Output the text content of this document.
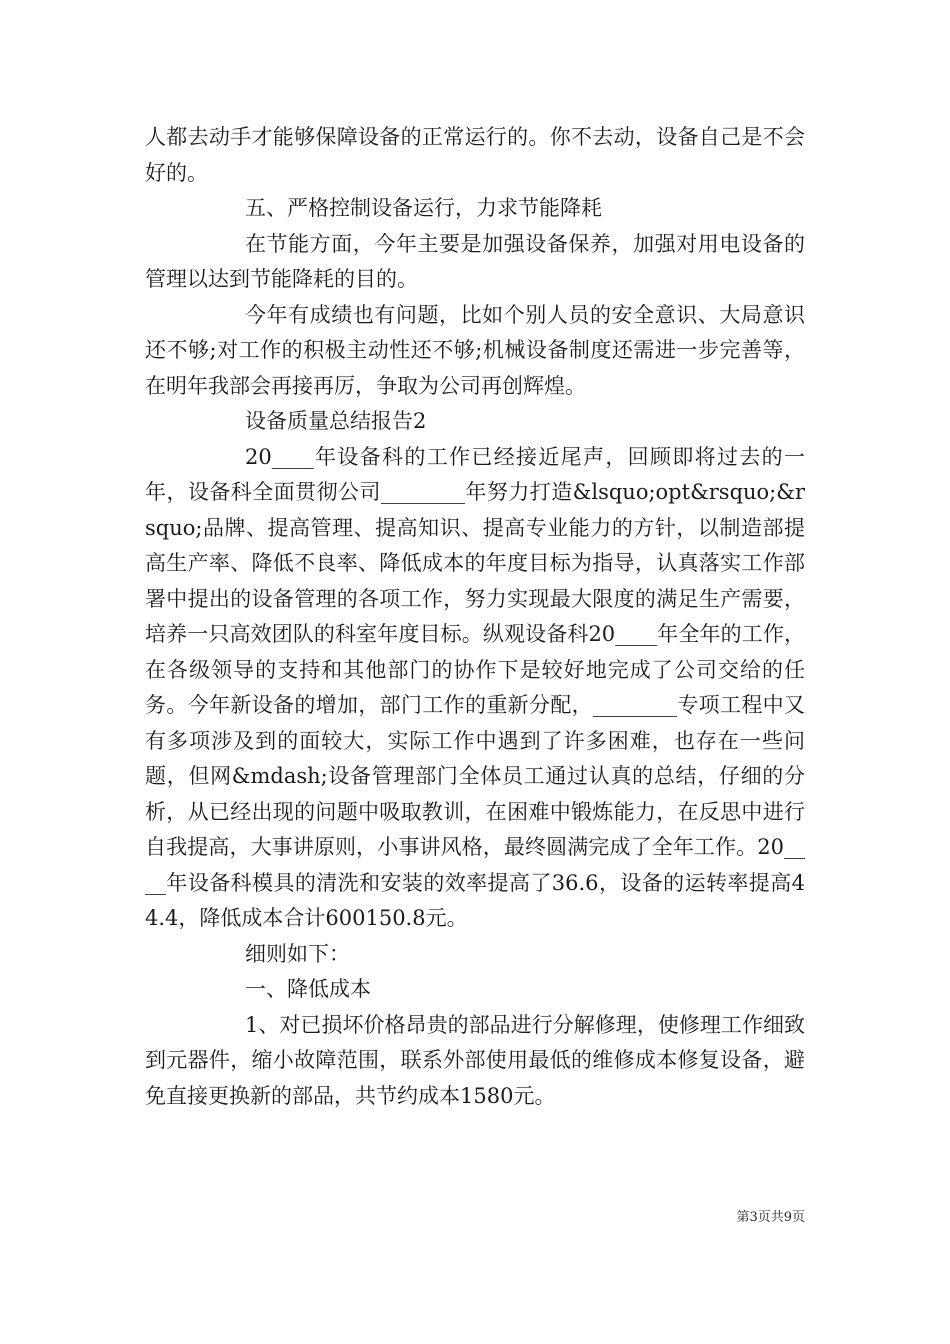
人都去动手才能够保障设备的正常运行的。你不去动，设备自己是不会好的。

五、严格控制设备运行，力求节能降耗

在节能方面，今年主要是加强设备保养，加强对用电设备的管理以达到节能降耗的目的。

今年有成绩也有问题，比如个别人员的安全意识、大局意识还不够;对工作的积极主动性还不够;机械设备制度还需进一步完善等，在明年我部会再接再厉，争取为公司再创辉煌。

设备质量总结报告2

20____年设备科的工作已经接近尾声，回顾即将过去的一年，设备科全面贯彻公司________年努力打造&lsquo;opt&rsquo;&rsquo;品牌、提高管理、提高知识、提高专业能力的方针，以制造部提高生产率、降低不良率、降低成本的年度目标为指导，认真落实工作部署中提出的设备管理的各项工作，努力实现最大限度的满足生产需要，培养一只高效团队的科室年度目标。纵观设备科20____年全年的工作，在各级领导的支持和其他部门的协作下是较好地完成了公司交给的任务。今年新设备的增加，部门工作的重新分配，________专项工程中又有多项涉及到的面较大，实际工作中遇到了许多困难，也存在一些问题，但网&mdash;设备管理部门全体员工通过认真的总结，仔细的分析，从已经出现的问题中吸取教训，在困难中锻炼能力，在反思中进行自我提高，大事讲原则，小事讲风格，最终圆满完成了全年工作。20____年设备科模具的清洗和安装的效率提高了36.6，设备的运转率提高44.4，降低成本合计600150.8元。

细则如下：

一、降低成本

1、对已损坏价格昂贵的部品进行分解修理，使修理工作细致到元器件，缩小故障范围，联系外部使用最低的维修成本修复设备，避免直接更换新的部品，共节约成本1580元。

第3页共9页
